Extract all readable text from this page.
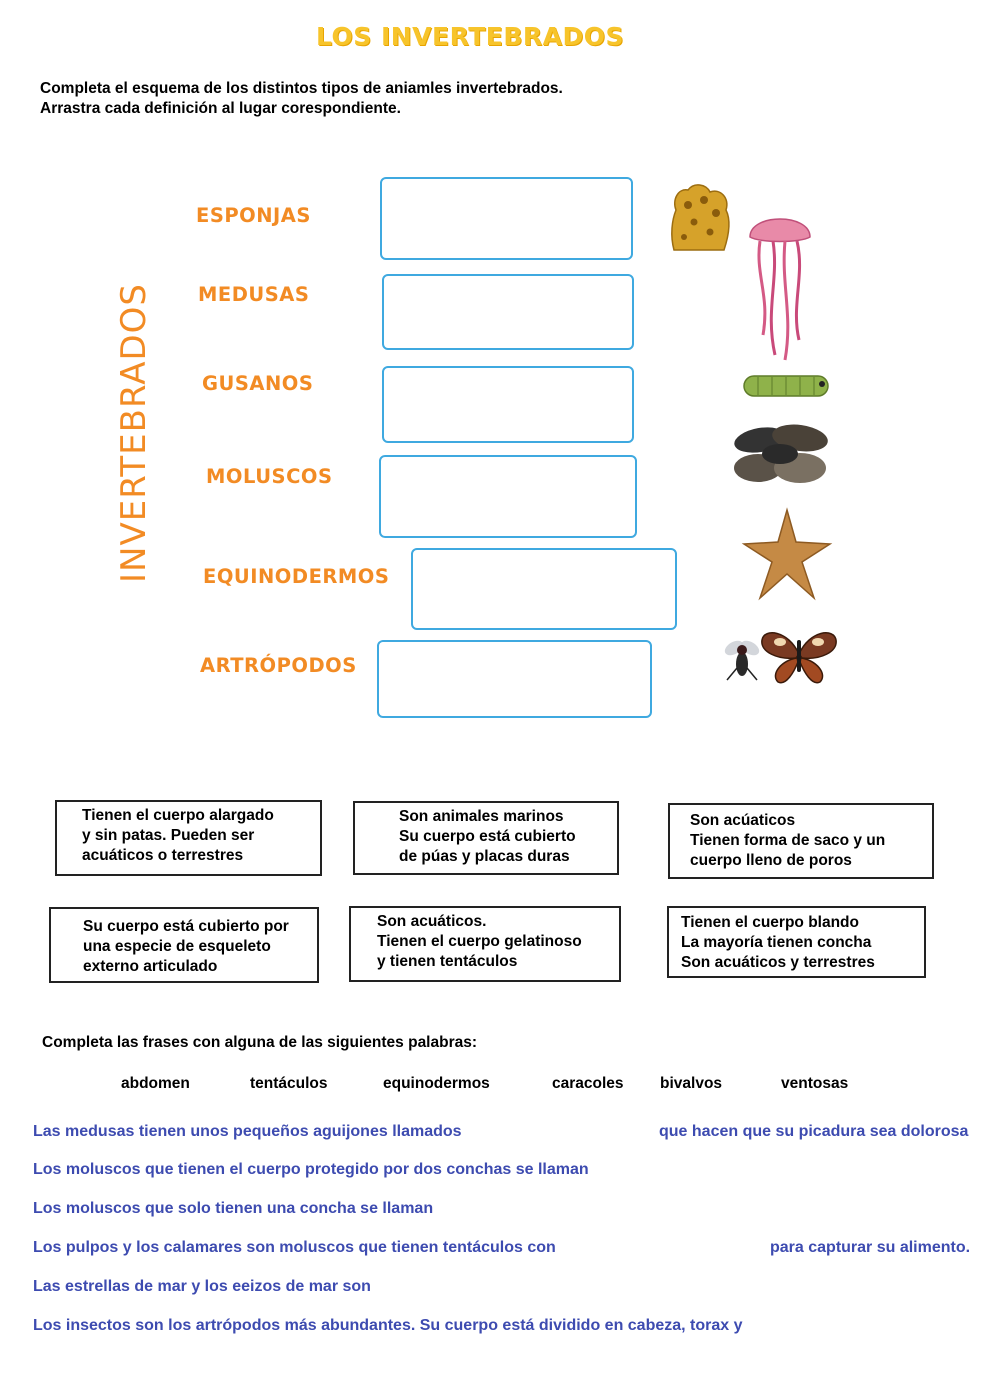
LOS INVERTEBRADOS
Completa el esquema de los distintos tipos de aniamles invertebrados.
Arrastra cada definición al lugar corespondiente.
INVERTEBRADOS
ESPONJAS
MEDUSAS
GUSANOS
MOLUSCOS
EQUINODERMOS
ARTRÓPODOS
Tienen el cuerpo alargado
y sin patas. Pueden ser
acuáticos o terrestres
Son animales marinos
Su cuerpo está cubierto
de púas y placas duras
Son acúaticos
Tienen forma de saco y un
cuerpo lleno de poros
Su cuerpo está cubierto por
una especie de esqueleto
externo articulado
Son acuáticos.
Tienen el cuerpo gelatinoso
y tienen tentáculos
Tienen el cuerpo blando
La mayoría tienen concha
Son acuáticos y terrestres
Completa las frases con alguna de las siguientes palabras:
abdomen	tentáculos	equinodermos	caracoles bivalvos	ventosas
Las medusas tienen unos pequeños aguijones llamados	que hacen que su picadura sea dolorosa
Los moluscos que tienen el cuerpo protegido por dos conchas se llaman
Los moluscos que solo tienen una concha se llaman
Los pulpos y los calamares son moluscos que tienen tentáculos con	para capturar su alimento.
Las estrellas de mar y los eeizos de mar son
Los insectos son los artrópodos más abundantes. Su cuerpo está dividido en cabeza, torax y
